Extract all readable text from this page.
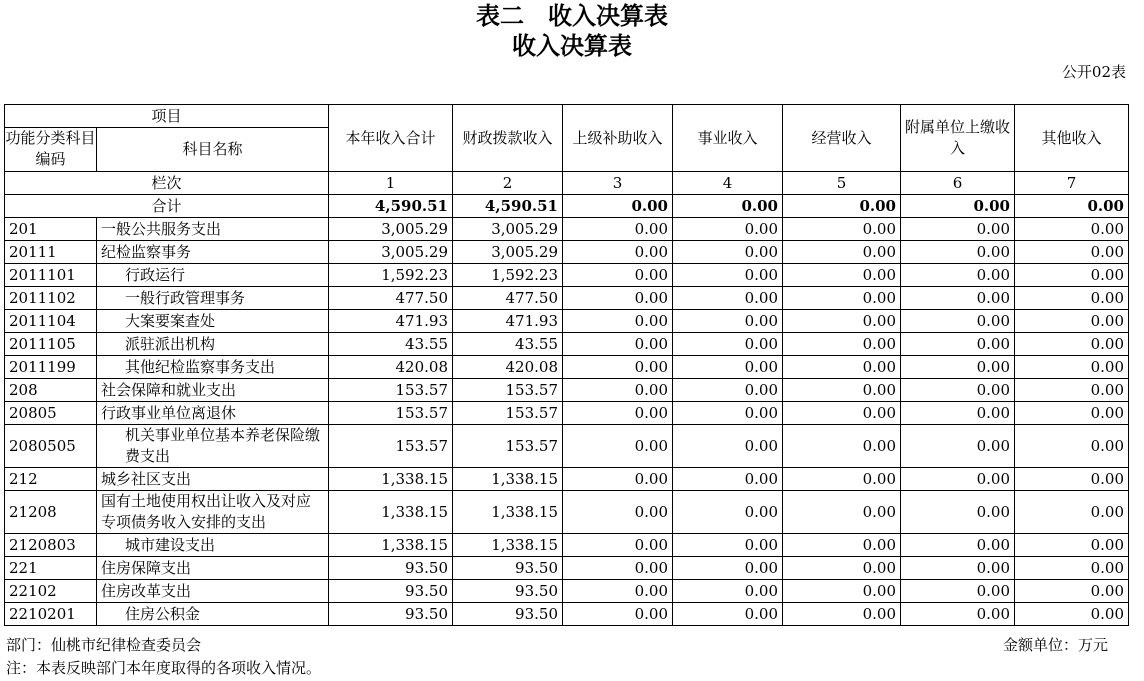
表二　收入决算表
收入决算表
公开02表
项目
功能分类科目编码
科目名称		本年收入合计	财政拨款收入	上级补助收入	事业收入	经营收入	附属单位上缴收入	其他收入
栏次		1	2	3	4	5	6	7
合计		4,590.51	4,590.51	0.00	0.00	0.00	0.00	0.00
201	一般公共服务支出	3,005.29	3,005.29	0.00	0.00	0.00	0.00	0.00
20111	纪检监察事务	3,005.29	3,005.29	0.00	0.00	0.00	0.00	0.00
2011101	行政运行	1,592.23	1,592.23	0.00	0.00	0.00	0.00	0.00
2011102	一般行政管理事务	477.50	477.50	0.00	0.00	0.00	0.00	0.00
2011104	大案要案查处	471.93	471.93	0.00	0.00	0.00	0.00	0.00
2011105	派驻派出机构	43.55	43.55	0.00	0.00	0.00	0.00	0.00
2011199	其他纪检监察事务支出	420.08	420.08	0.00	0.00	0.00	0.00	0.00
208	社会保障和就业支出	153.57	153.57	0.00	0.00	0.00	0.00	0.00
20805	行政事业单位离退休	153.57	153.57	0.00	0.00	0.00	0.00	0.00
2080505	机关事业单位基本养老保险缴费支出	153.57	153.57	0.00	0.00	0.00	0.00	0.00
212	城乡社区支出	1,338.15	1,338.15	0.00	0.00	0.00	0.00	0.00
21208	国有土地使用权出让收入及对应专项债务收入安排的支出	1,338.15	1,338.15	0.00	0.00	0.00	0.00	0.00
2120803	城市建设支出	1,338.15	1,338.15	0.00	0.00	0.00	0.00	0.00
221	住房保障支出	93.50	93.50	0.00	0.00	0.00	0.00	0.00
22102	住房改革支出	93.50	93.50	0.00	0.00	0.00	0.00	0.00
2210201	住房公积金	93.50	93.50	0.00	0.00	0.00	0.00	0.00
部门：仙桃市纪律检查委员会	金额单位：万元
注：本表反映部门本年度取得的各项收入情况。
